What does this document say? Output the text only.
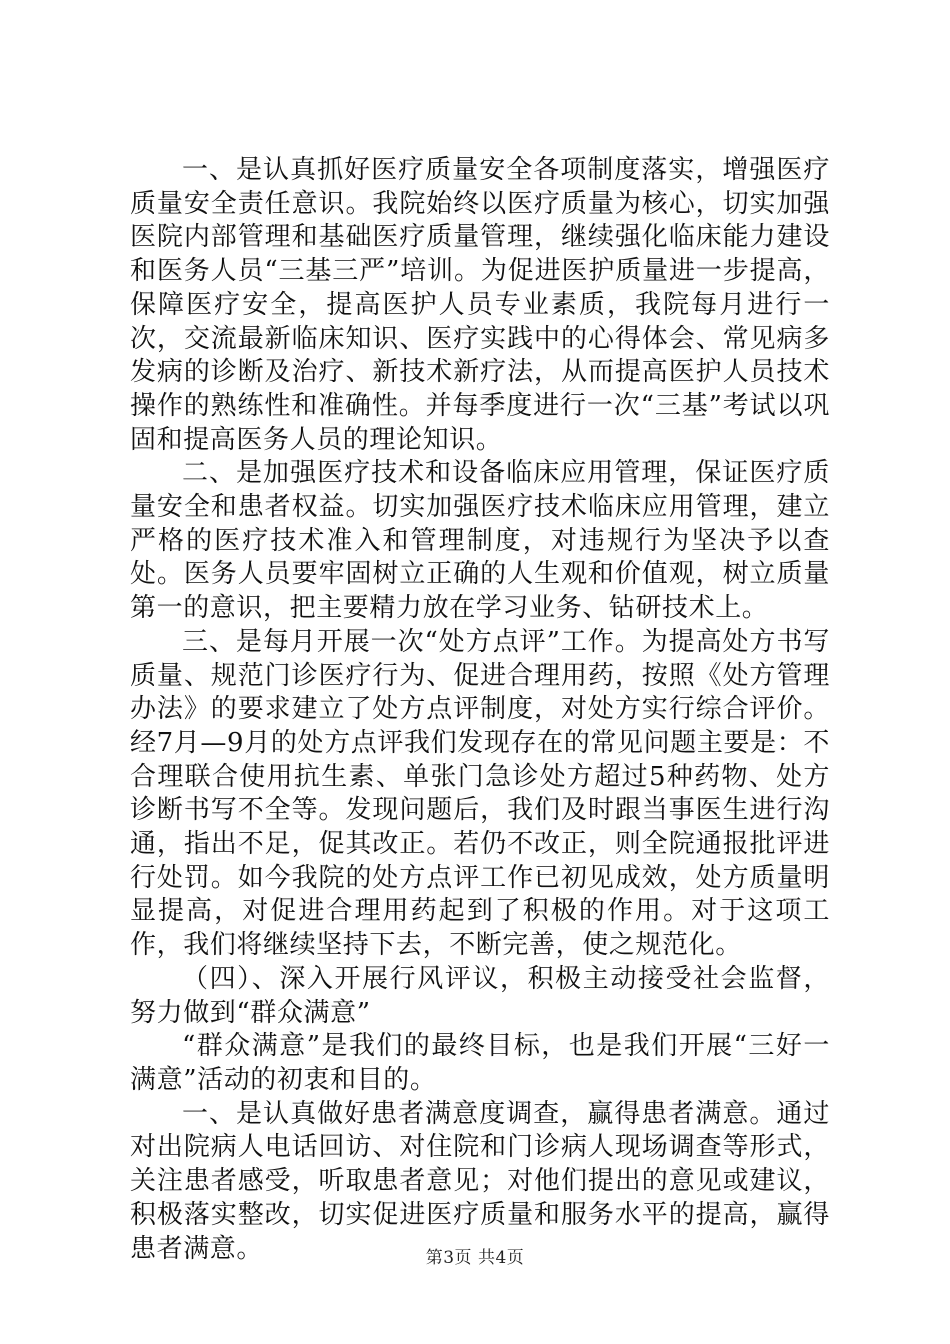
一、是认真抓好医疗质量安全各项制度落实，增强医疗质量安全责任意识。我院始终以医疗质量为核心，切实加强医院内部管理和基础医疗质量管理，继续强化临床能力建设和医务人员“三基三严”培训。为促进医护质量进一步提高，保障医疗安全，提高医护人员专业素质，我院每月进行一次，交流最新临床知识、医疗实践中的心得体会、常见病多发病的诊断及治疗、新技术新疗法，从而提高医护人员技术操作的熟练性和准确性。并每季度进行一次“三基”考试以巩固和提高医务人员的理论知识。

二、是加强医疗技术和设备临床应用管理，保证医疗质量安全和患者权益。切实加强医疗技术临床应用管理，建立严格的医疗技术准入和管理制度，对违规行为坚决予以查处。医务人员要牢固树立正确的人生观和价值观，树立质量第一的意识，把主要精力放在学习业务、钻研技术上。

三、是每月开展一次“处方点评”工作。为提高处方书写质量、规范门诊医疗行为、促进合理用药，按照《处方管理办法》的要求建立了处方点评制度，对处方实行综合评价。经7月—9月的处方点评我们发现存在的常见问题主要是：不合理联合使用抗生素、单张门急诊处方超过5种药物、处方诊断书写不全等。发现问题后，我们及时跟当事医生进行沟通，指出不足，促其改正。若仍不改正，则全院通报批评进行处罚。如今我院的处方点评工作已初见成效，处方质量明显提高，对促进合理用药起到了积极的作用。对于这项工作，我们将继续坚持下去，不断完善，使之规范化。

（四）、深入开展行风评议，积极主动接受社会监督，努力做到“群众满意”

“群众满意”是我们的最终目标，也是我们开展“三好一满意”活动的初衷和目的。

一、是认真做好患者满意度调查，赢得患者满意。通过对出院病人电话回访、对住院和门诊病人现场调查等形式，关注患者感受，听取患者意见；对他们提出的意见或建议，积极落实整改，切实促进医疗质量和服务水平的提高，赢得患者满意。	第3页 共4页
